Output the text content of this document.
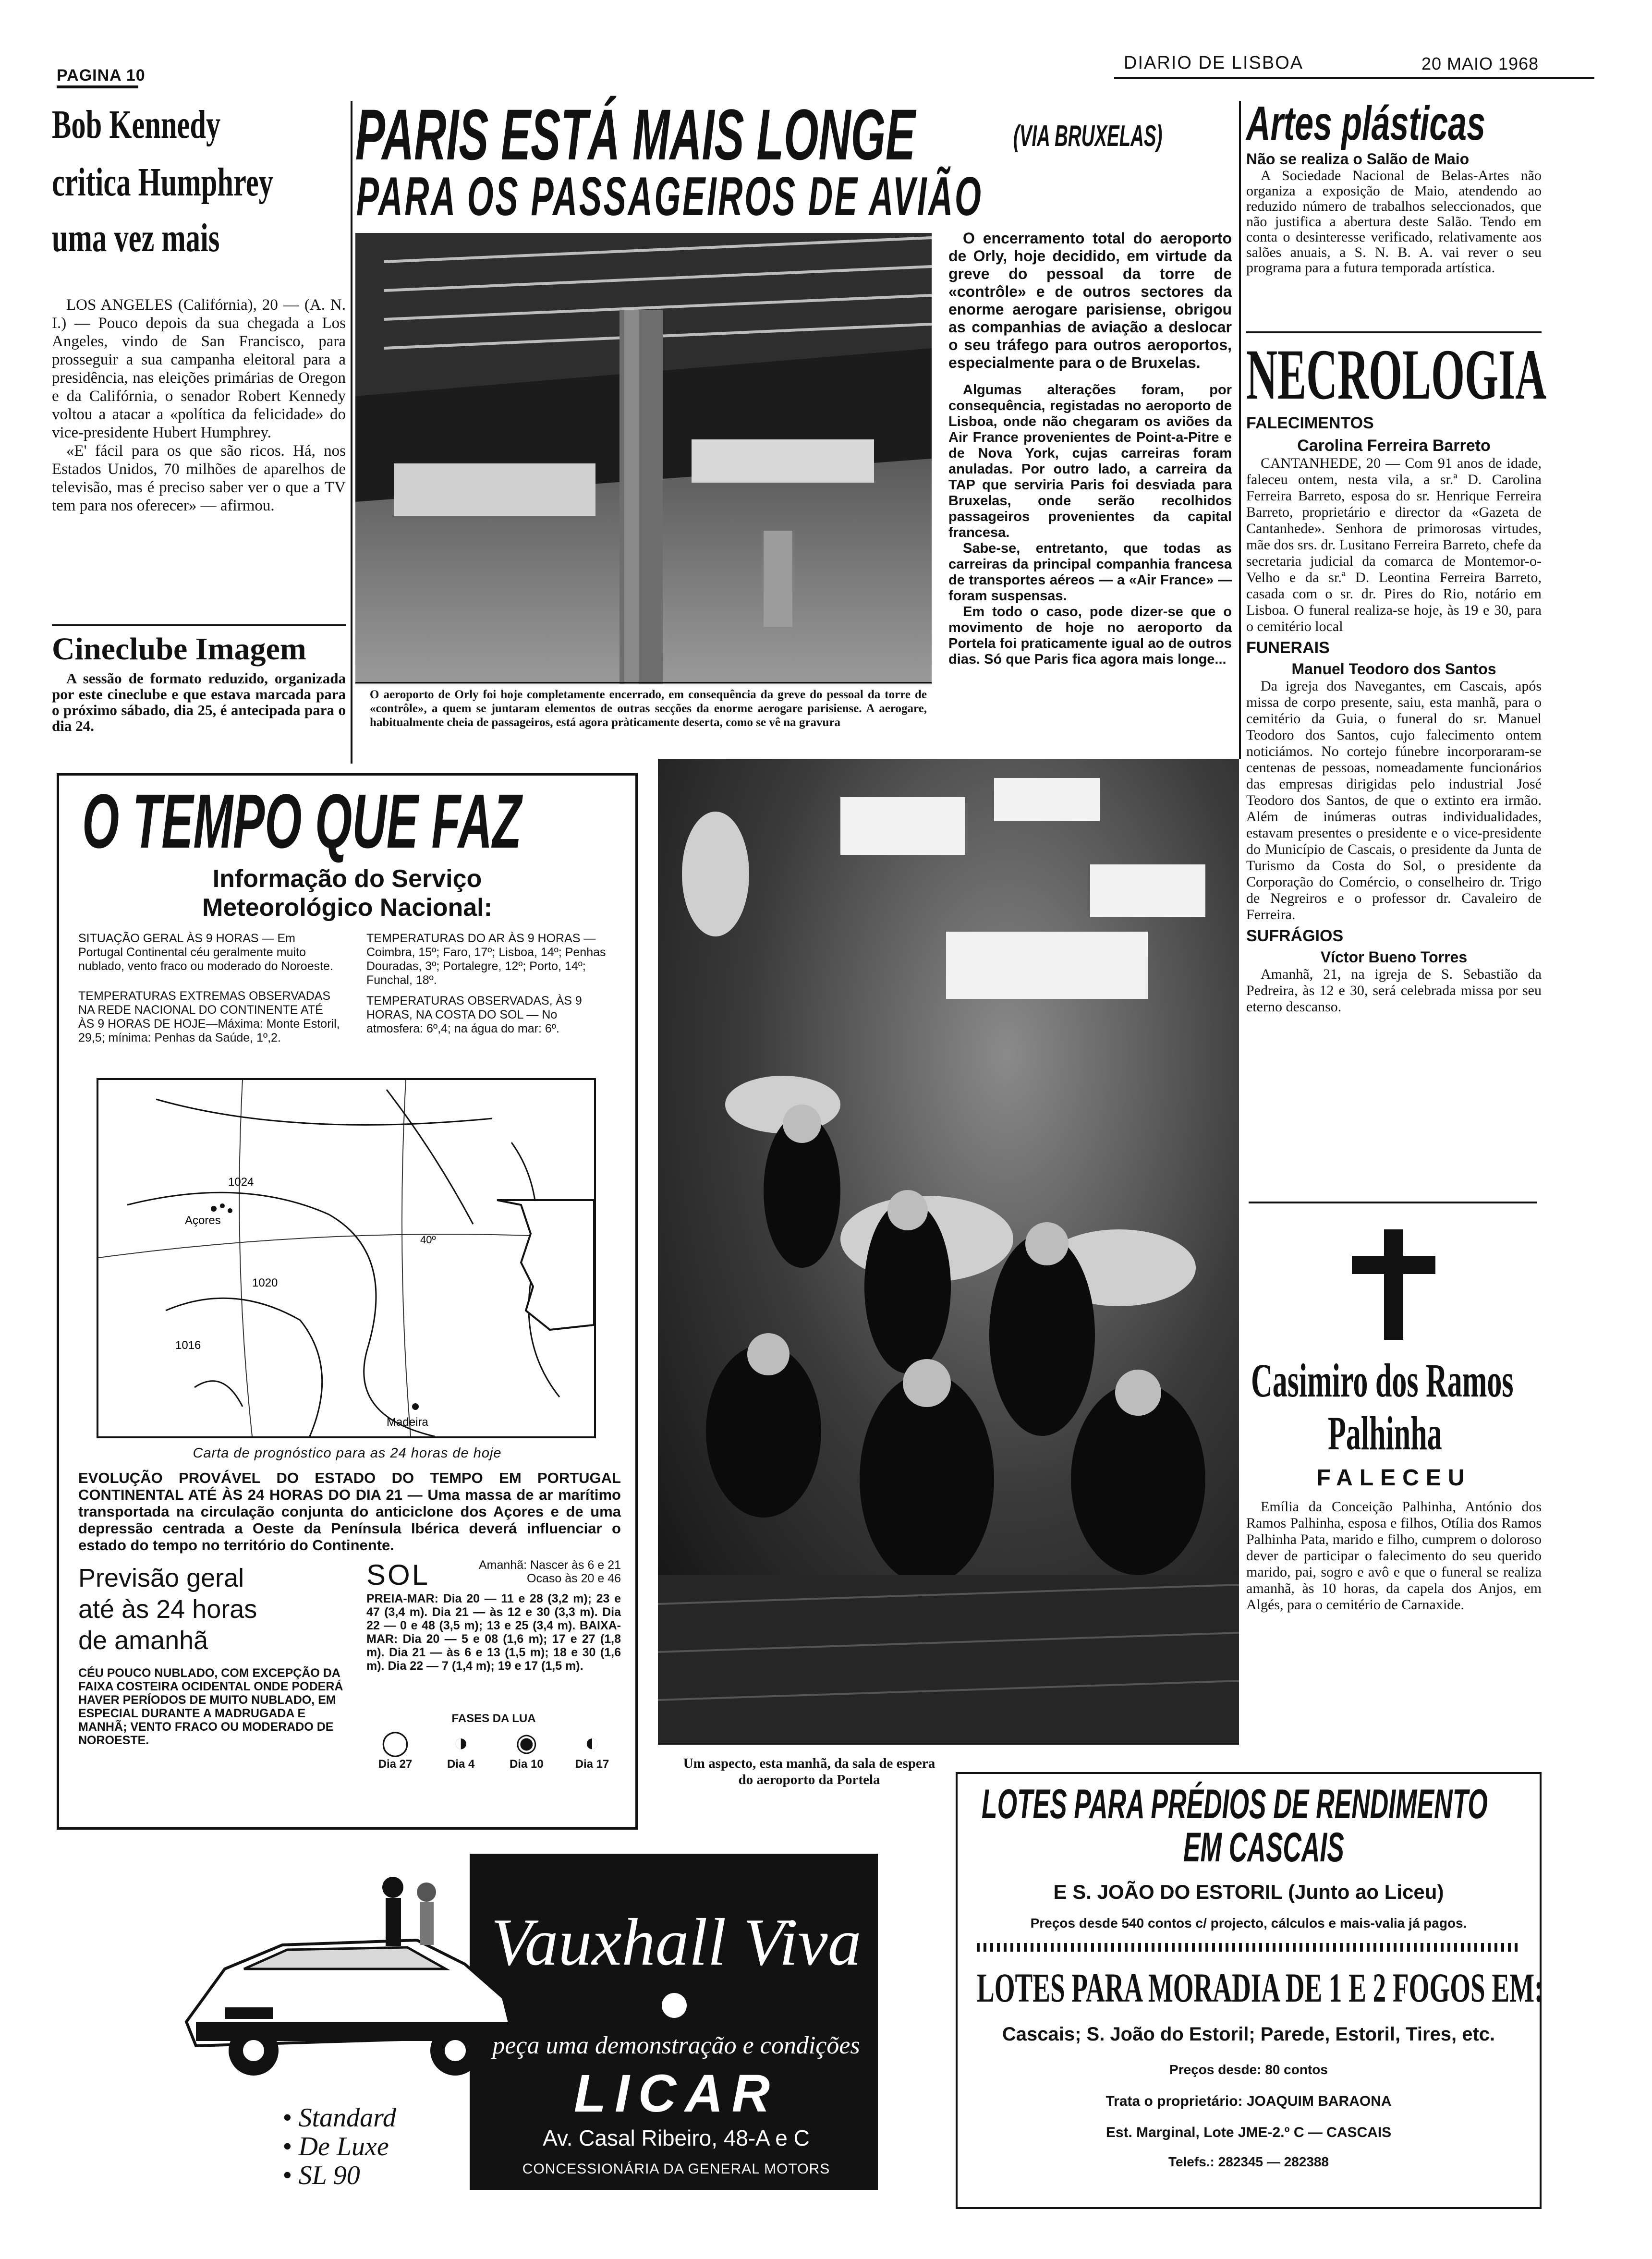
PAGINA 10
DIARIO DE LISBOA	20 MAIO 1968
Bob Kennedy
critica Humphrey
uma vez mais

LOS ANGELES (Califórnia), 20 — (A. N. I.) — Pouco depois da sua chegada a Los Angeles, vindo de San Francisco, para prosseguir a sua campanha eleitoral para a presidência, nas eleições primárias de Oregon e da Califórnia, o senador Robert Kennedy voltou a atacar a «política da felicidade» do vice-presidente Hubert Humphrey.

«E' fácil para os que são ricos. Há, nos Estados Unidos, 70 milhões de aparelhos de televisão, mas é preciso saber ver o que a TV tem para nos oferecer» — afirmou.

Cineclube Imagem

A sessão de formato reduzido, organizada por este cineclube e que estava marcada para o próximo sábado, dia 25, é antecipada para o dia 24.

PARIS ESTÁ MAIS LONGE	(VIA BRUXELAS)
PARA OS PASSAGEIROS DE AVIÃO

O aeroporto de Orly foi hoje completamente encerrado, em consequência da greve do pessoal da torre de «contrôle», a quem se juntaram elementos de outras secções da enorme aerogare parisiense. A aerogare, habitualmente cheia de passageiros, está agora pràticamente deserta, como se vê na gravura

O encerramento total do aeroporto de Orly, hoje decidido, em virtude da greve do pessoal da torre de «contrôle» e de outros sectores da enorme aerogare parisiense, obrigou as companhias de aviação a deslocar o seu tráfego para outros aeroportos, especialmente para o de Bruxelas.

Algumas alterações foram, por consequência, registadas no aeroporto de Lisboa, onde não chegaram os aviões da Air France provenientes de Point-a-Pitre e de Nova York, cujas carreiras foram anuladas. Por outro lado, a carreira da TAP que serviria Paris foi desviada para Bruxelas, onde serão recolhidos passageiros provenientes da capital francesa.

Sabe-se, entretanto, que todas as carreiras da principal companhia francesa de transportes aéreos — a «Air France» — foram suspensas.

Em todo o caso, pode dizer-se que o movimento de hoje no aeroporto da Portela foi praticamente igual ao de outros dias. Só que Paris fica agora mais longe...

Artes plásticas
Não se realiza o Salão de Maio

A Sociedade Nacional de Belas-Artes não organiza a exposição de Maio, atendendo ao reduzido número de trabalhos seleccionados, que não justifica a abertura deste Salão. Tendo em conta o desinteresse verificado, relativamente aos salões anuais, a S. N. B. A. vai rever o seu programa para a futura temporada artística.

NECROLOGIA
FALECIMENTOS
Carolina Ferreira Barreto

CANTANHEDE, 20 — Com 91 anos de idade, faleceu ontem, nesta vila, a sr.ª D. Carolina Ferreira Barreto, esposa do sr. Henrique Ferreira Barreto, proprietário e director da «Gazeta de Cantanhede». Senhora de primorosas virtudes, mãe dos srs. dr. Lusitano Ferreira Barreto, chefe da secretaria judicial da comarca de Montemor-o-Velho e da sr.ª D. Leontina Ferreira Barreto, casada com o sr. dr. Pires do Rio, notário em Lisboa. O funeral realiza-se hoje, às 19 e 30, para o cemitério local

FUNERAIS
Manuel Teodoro dos Santos

Da igreja dos Navegantes, em Cascais, após missa de corpo presente, saiu, esta manhã, para o cemitério da Guia, o funeral do sr. Manuel Teodoro dos Santos, cujo falecimento ontem noticiámos. No cortejo fúnebre incorporaram-se centenas de pessoas, nomeadamente funcionários das empresas dirigidas pelo industrial José Teodoro dos Santos, de que o extinto era irmão. Além de inúmeras outras individualidades, estavam presentes o presidente e o vice-presidente do Município de Cascais, o presidente da Junta de Turismo da Costa do Sol, o presidente da Corporação do Comércio, o conselheiro dr. Trigo de Negreiros e o professor dr. Cavaleiro de Ferreira.

SUFRÁGIOS
Víctor Bueno Torres

Amanhã, 21, na igreja de S. Sebastião da Pedreira, às 12 e 30, será celebrada missa por seu eterno descanso.

Casimiro dos Ramos
Palhinha
FALECEU

Emília da Conceição Palhinha, António dos Ramos Palhinha, esposa e filhos, Otília dos Ramos Palhinha Pata, marido e filho, cumprem o doloroso dever de participar o falecimento do seu querido marido, pai, sogro e avô e que o funeral se realiza amanhã, às 10 horas, da capela dos Anjos, em Algés, para o cemitério de Carnaxide.

O TEMPO QUE FAZ
Informação do Serviço
Meteorológico Nacional:

SITUAÇÃO GERAL ÀS 9 HORAS — Em Portugal Continental céu geralmente muito nublado, vento fraco ou moderado do Noroeste.

TEMPERATURAS EXTREMAS OBSERVADAS NA REDE NACIONAL DO CONTINENTE ATÉ ÀS 9 HORAS DE HOJE—Máxima: Monte Estoril, 29,5; mínima: Penhas da Saúde, 1º,2.

TEMPERATURAS DO AR ÀS 9 HORAS — Coimbra, 15º; Faro, 17º; Lisboa, 14º; Penhas Douradas, 3º; Portalegre, 12º; Porto, 14º; Funchal, 18º.

TEMPERATURAS OBSERVADAS, ÀS 9 HORAS, NA COSTA DO SOL — No atmosfera: 6º,4; na água do mar: 6º.

Açores
Madeira
1024
1020
1016
40º
Carta de prognóstico para as 24 horas de hoje

EVOLUÇÃO PROVÁVEL DO ESTADO DO TEMPO EM PORTUGAL CONTINENTAL ATÉ ÀS 24 HORAS DO DIA 21 — Uma massa de ar marítimo transportada na circulação conjunta do anticiclone dos Açores e de uma depressão centrada a Oeste da Península Ibérica deverá influenciar o estado do tempo no território do Continente.

Previsão geral
até às 24 horas
de amanhã

CÉU POUCO NUBLADO, COM EXCEPÇÃO DA FAIXA COSTEIRA OCIDENTAL ONDE PODERÁ HAVER PERÍODOS DE MUITO NUBLADO, EM ESPECIAL DURANTE A MADRUGADA E MANHÃ; VENTO FRACO OU MODERADO DE NOROESTE.

SOL	Amanhã: Nascer às 6 e 21 Ocaso às 20 e 46

PREIA-MAR: Dia 20 — 11 e 28 (3,2 m); 23 e 47 (3,4 m). Dia 21 — às 12 e 30 (3,3 m). Dia 22 — 0 e 48 (3,5 m); 13 e 25 (3,4 m). BAIXA-MAR: Dia 20 — 5 e 08 (1,6 m); 17 e 27 (1,8 m). Dia 21 — às 6 e 13 (1,5 m); 18 e 30 (1,6 m). Dia 22 — 7 (1,4 m); 19 e 17 (1,5 m).

FASES DA LUA
◯
Dia 27
◑
Dia 4
◉
Dia 10
◐
Dia 17	Um aspecto, esta manhã, da sala de espera do aeroporto da Portela

• Standard
• De Luxe
• SL 90
Vauxhall Viva
peça uma demonstração e condições
LICAR
Av. Casal Ribeiro, 48-A e C
CONCESSIONÁRIA DA GENERAL MOTORS
LOTES PARA PRÉDIOS DE RENDIMENTO
EM CASCAIS
E S. JOÃO DO ESTORIL (Junto ao Liceu)
Preços desde 540 contos c/ projecto, cálculos e mais-valia já pagos.
LOTES PARA MORADIA DE 1 E 2 FOGOS EM:
Cascais; S. João do Estoril; Parede, Estoril, Tires, etc.
Preços desde: 80 contos
Trata o proprietário: JOAQUIM BARAONA
Est. Marginal, Lote JME-2.º C — CASCAIS
Telefs.: 282345 — 282388
